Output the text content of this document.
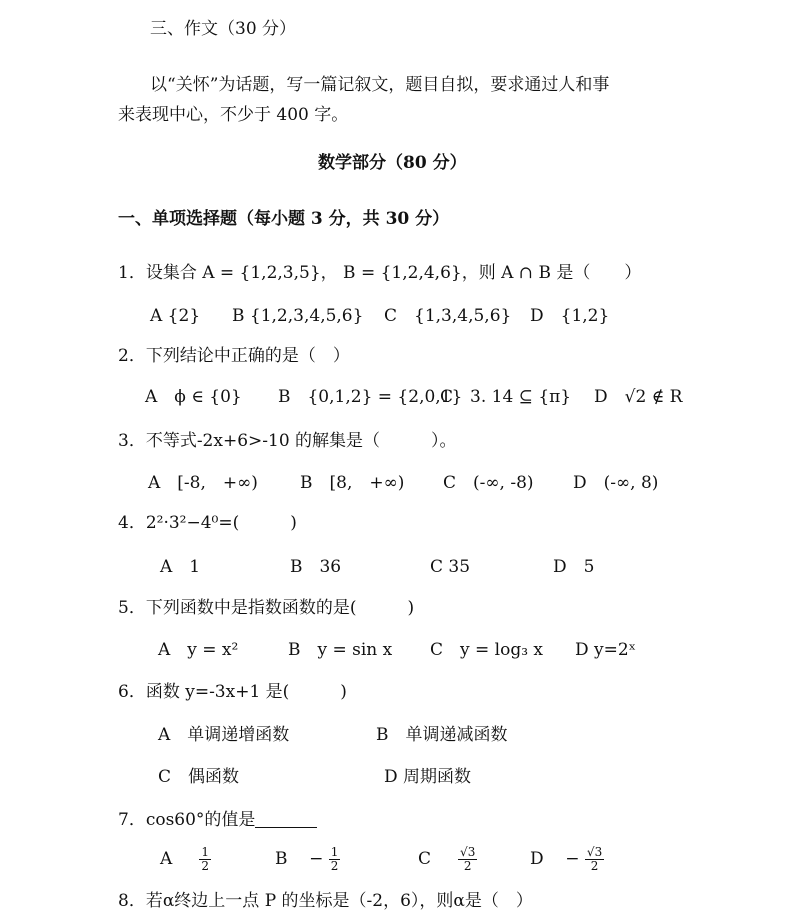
三、作文（30 分）
以“关怀”为话题，写一篇记叙文，题目自拟，要求通过人和事
来表现中心，不少于 400 字。
数学部分（80 分）
一、单项选择题（每小题 3 分，共 30 分）
1．设集合 A = {1,2,3,5}， B = {1,2,4,6}，则 A ∩ B 是（　　）
A {2} B {1,2,3,4,5,6} C　{1,3,4,5,6} D　{1,2}
2．下列结论中正确的是（　）
A　ϕ ∈ {0} B　{0,1,2} = {2,0,1}
C　3. 14 ⊆ {π} D　√2 ∉ R
3．不等式-2x+6>-10 的解集是（　　　）。
A　[-8,　+∞) B　[8,　+∞) C　(-∞, -8) D　(-∞, 8)
4．2²·3²−4⁰=(　　　)
A　1	B　36	C 35	D　5
5．下列函数中是指数函数的是(　　　)
A　y = x²	B　y = sin x C　y = log₃ x D y=2ˣ
6．函数 y=-3x+1 是(　　　)
A　单调递增函数	B　单调递减函数
C　偶函数	D 周期函数
7．cos60°的值是
A $\frac{1}{2}$	$B - \frac{1}{2}$	C $\frac{√3}{2}$	$D - \frac{√3}{2}$
8．若α终边上一点 P 的坐标是（-2，6），则α是（　）
